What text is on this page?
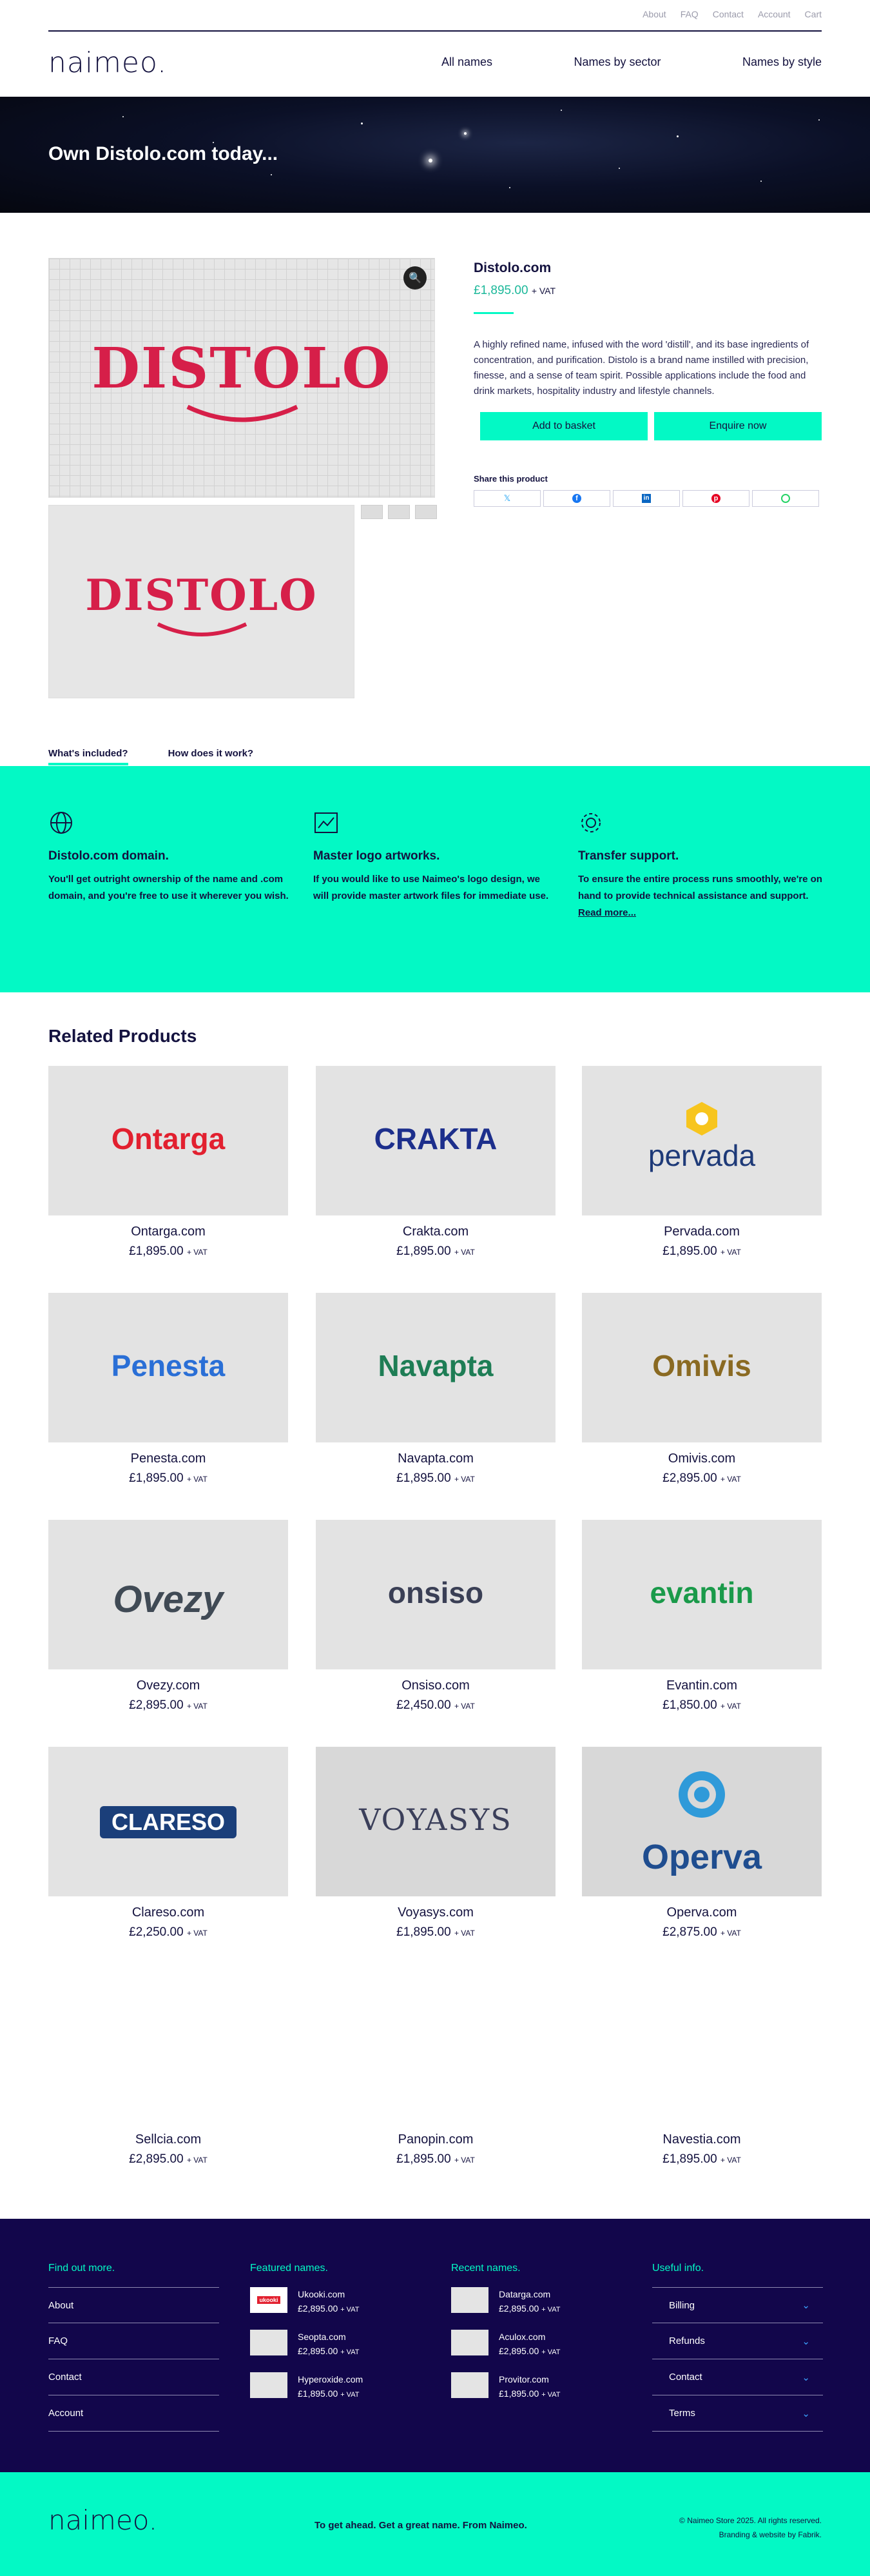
About FAQ Contact Account Cart
naimeo.	All names	Names by sector	Names by style
Own Distolo.com today...
DISTOLO
🔍
DISTOLO
Distolo.com
£1,895.00 + VAT

A highly refined name, infused with the word 'distill', and its base ingredients of concentration, and purification. Distolo is a brand name instilled with precision, finesse, and a sense of team spirit. Possible applications include the food and drink markets, hospitality industry and lifestyle channels.

Add to basket	Enquire now
Share this product
𝕏	f	in	p
What's included?	How does it work?
Distolo.com domain.

You'll get outright ownership of the name and .com domain, and you're free to use it wherever you wish.

Master logo artworks.

If you would like to use Naimeo's logo design, we will provide master artwork files for immediate use.

Transfer support.

To ensure the entire process runs smoothly, we're on hand to provide technical assistance and support. Read more...

Related Products
Ontarga
Ontarga.com
£1,895.00 + VAT
CRAKTA
Crakta.com
£1,895.00 + VAT
pervada
Pervada.com
£1,895.00 + VAT
Penesta
Penesta.com
£1,895.00 + VAT
Navapta
Navapta.com
£1,895.00 + VAT
Omivis
Omivis.com
£2,895.00 + VAT
Ovezy
Ovezy.com
£2,895.00 + VAT
onsiso
Onsiso.com
£2,450.00 + VAT
evantin
Evantin.com
£1,850.00 + VAT
CLARESO
Clareso.com
£2,250.00 + VAT
VOYASYS
Voyasys.com
£1,895.00 + VAT
Operva
Operva.com
£2,875.00 + VAT
Sellcia.com
£2,895.00 + VAT
Panopin.com
£1,895.00 + VAT
Navestia.com
£1,895.00 + VAT
Find out more.
About
FAQ
Contact
Account
Featured names.
ukooki
Ukooki.com
£2,895.00 + VAT
Seopta.com
£2,895.00 + VAT
Hyperoxide.com
£1,895.00 + VAT
Recent names.
Datarga.com
£2,895.00 + VAT
Aculox.com
£2,895.00 + VAT
Provitor.com
£1,895.00 + VAT
Useful info.
Billing	⌄
Refunds	⌄
Contact	⌄
Terms	⌄
naimeo.	To get ahead. Get a great name. From Naimeo.	© Naimeo Store 2025. All rights reserved.
Branding & website by Fabrik.
